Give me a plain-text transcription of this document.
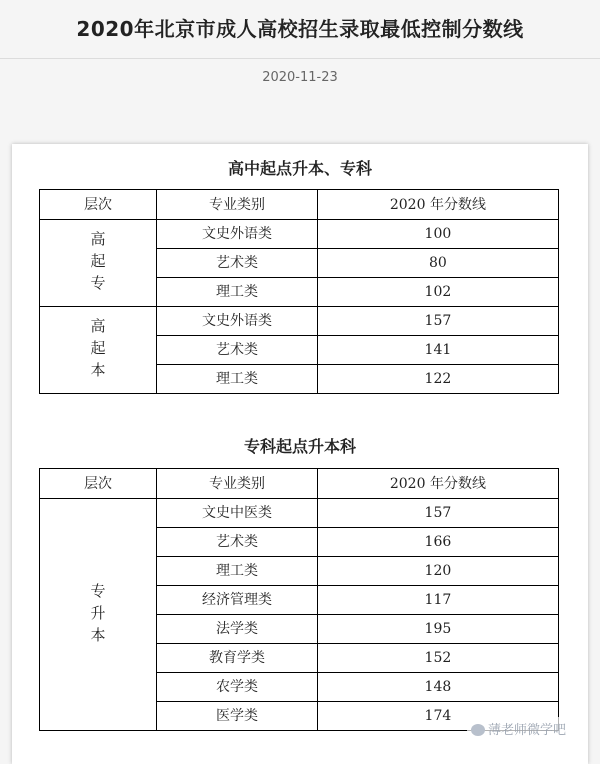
2020年北京市成人高校招生录取最低控制分数线
2020-11-23
高中起点升本、专科
层次	专业类别	2020 年分数线
高起专	文史外语类	100
	艺术类	80
	理工类	102
高起本	文史外语类	157
	艺术类	141
	理工类	122
专科起点升本科
层次	专业类别	2020 年分数线
专升本	文史中医类	157
	艺术类	166
	理工类	120
	经济管理类	117
	法学类	195
	教育学类	152
	农学类	148
	医学类	174
薄老师微学吧
